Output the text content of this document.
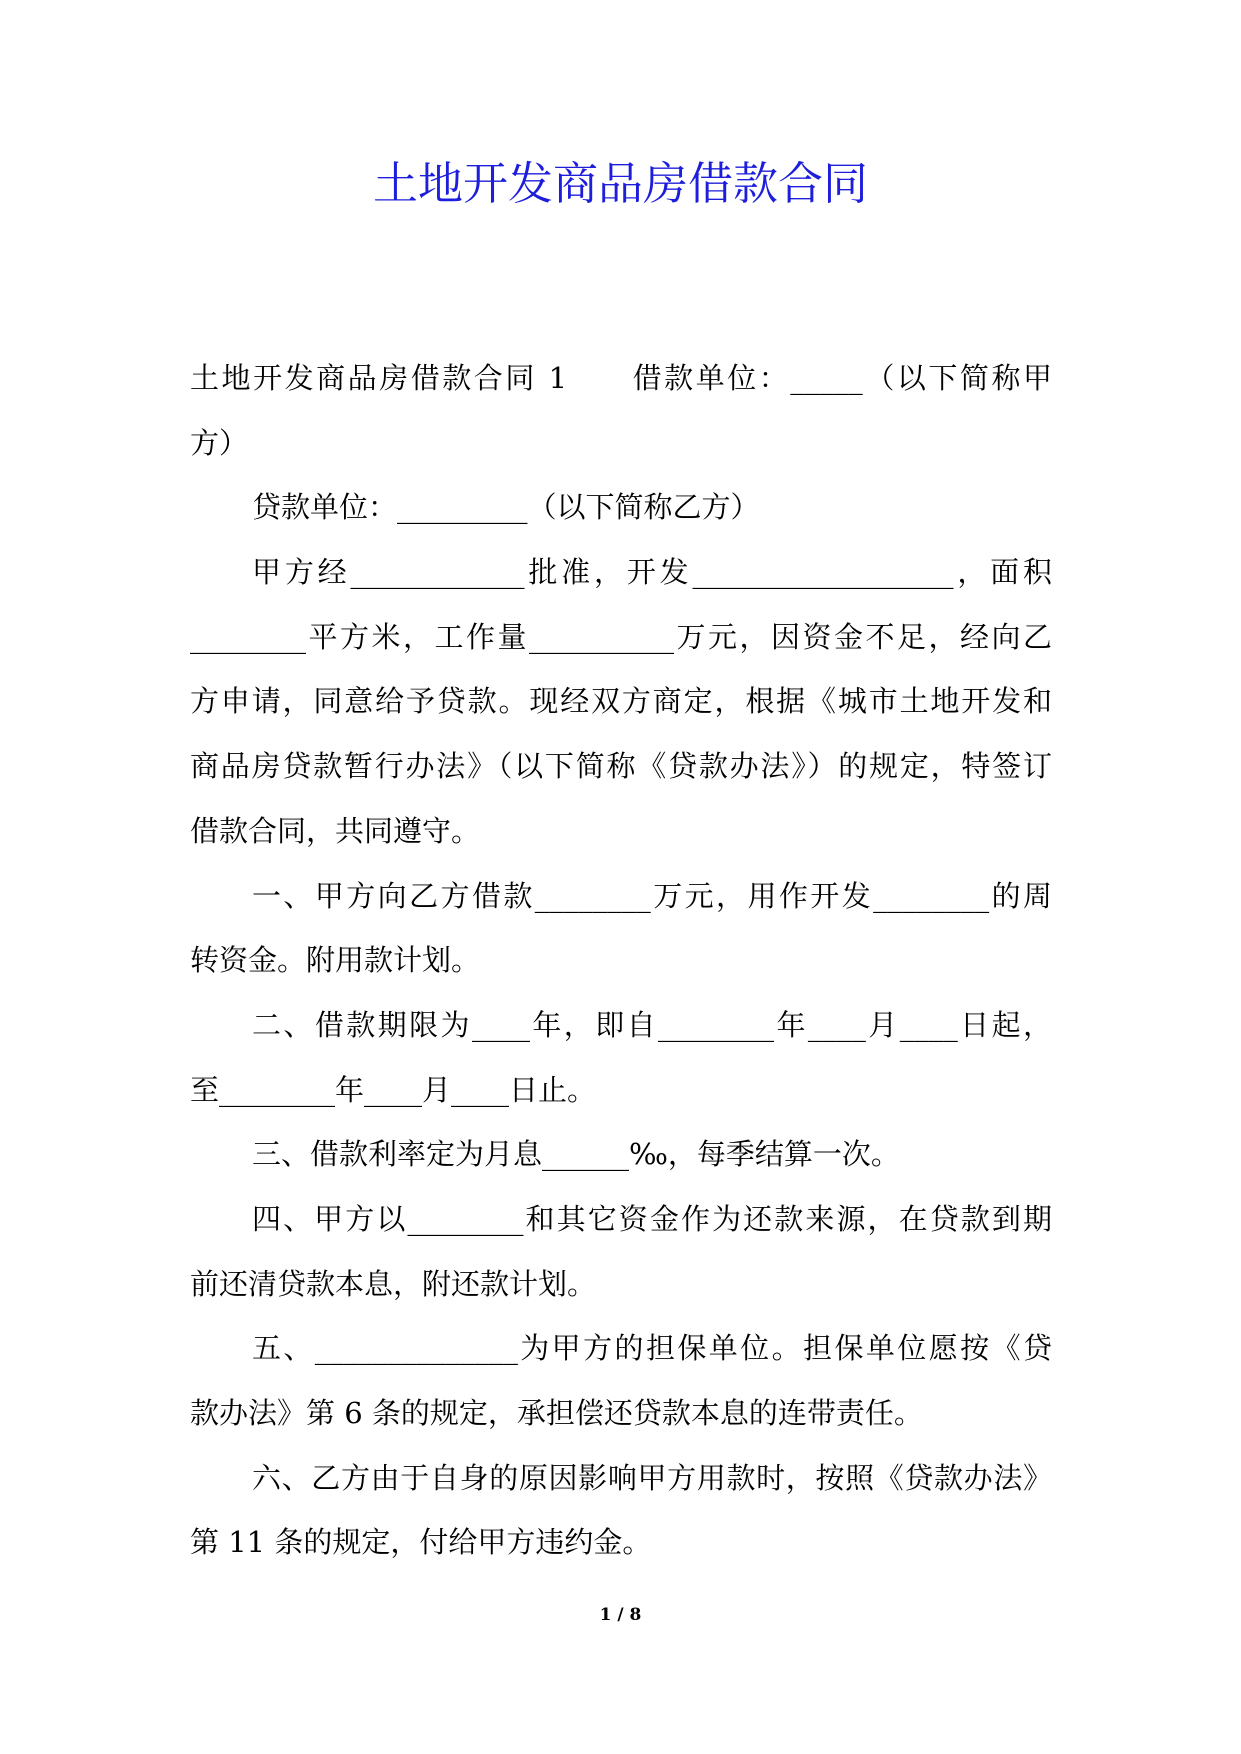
土地开发商品房借款合同

土地开发商品房借款合同 1　　借款单位：_____（以下简称甲
方）

贷款单位：_________（以下简称乙方）

甲方经____________批准，开发__________________，面积
________平方米，工作量__________万元，因资金不足，经向乙
方申请，同意给予贷款。现经双方商定，根据《城市土地开发和
商品房贷款暂行办法》（以下简称《贷款办法》）的规定，特签订
借款合同，共同遵守。

一、甲方向乙方借款________万元，用作开发________的周
转资金。附用款计划。

二、借款期限为____年，即自________年____月____日起，
至________年____月____日止。

三、借款利率定为月息______‰，每季结算一次。

四、甲方以________和其它资金作为还款来源，在贷款到期
前还清贷款本息，附还款计划。

五、______________为甲方的担保单位。担保单位愿按《贷
款办法》第 6 条的规定，承担偿还贷款本息的连带责任。

六、乙方由于自身的原因影响甲方用款时，按照《贷款办法》
第 11 条的规定，付给甲方违约金。

1 / 8
